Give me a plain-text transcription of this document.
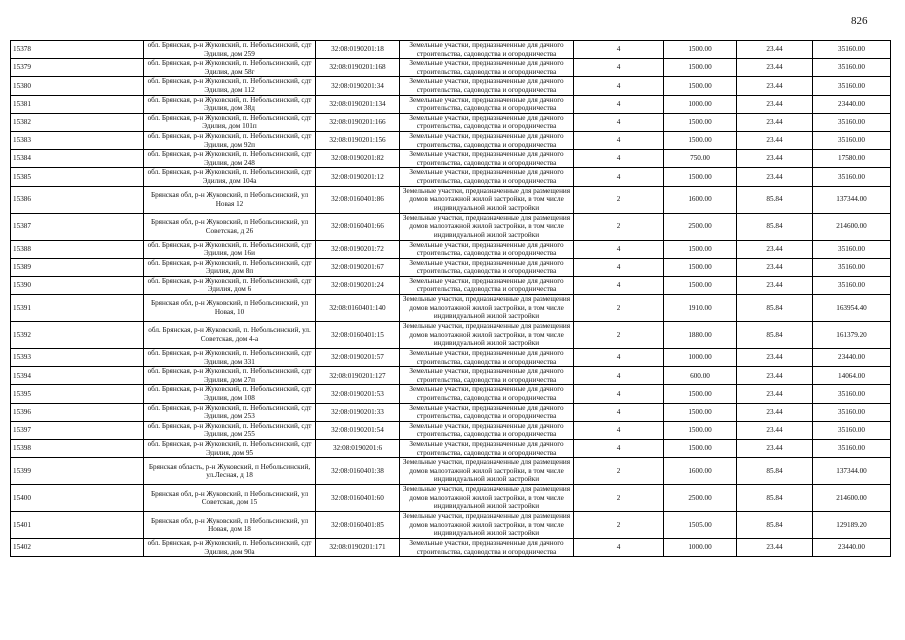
826
15378	обл. Брянская, р-н Жуковский, п. Небольсинский, сдт Эдилия, дом 259	32:08:0190201:18	Земельные участки, предназначенные для дачного строительства, садоводства и огородничества	4	1500.00	23.44	35160.00
15379	обл. Брянская, р-н Жуковский, п. Небольсинский, сдт Эдилия, дом 58г	32:08:0190201:168	Земельные участки, предназначенные для дачного строительства, садоводства и огородничества	4	1500.00	23.44	35160.00
15380	обл. Брянская, р-н Жуковский, п. Небольсинский, сдт Эдилия, дом 112	32:08:0190201:34	Земельные участки, предназначенные для дачного строительства, садоводства и огородничества	4	1500.00	23.44	35160.00
15381	обл. Брянская, р-н Жуковский, п. Небольсинский, сдт Эдилия, дом 38д	32:08:0190201:134	Земельные участки, предназначенные для дачного строительства, садоводства и огородничества	4	1000.00	23.44	23440.00
15382	обл. Брянская, р-н Жуковский, п. Небольсинский, сдт Эдилия, дом 101п	32:08:0190201:166	Земельные участки, предназначенные для дачного строительства, садоводства и огородничества	4	1500.00	23.44	35160.00
15383	обл. Брянская, р-н Жуковский, п. Небольсинский, сдт Эдилия, дом 92п	32:08:0190201:156	Земельные участки, предназначенные для дачного строительства, садоводства и огородничества	4	1500.00	23.44	35160.00
15384	обл. Брянская, р-н Жуковский, п. Небольсинский, сдт Эдилия, дом 248	32:08:0190201:82	Земельные участки, предназначенные для дачного строительства, садоводства и огородничества	4	750.00	23.44	17580.00
15385	обл. Брянская, р-н Жуковский, п. Небольсинский, сдт Эдилия, дом 104а	32:08:0190201:12	Земельные участки, предназначенные для дачного строительства, садоводства и огородничества	4	1500.00	23.44	35160.00
15386	Брянская обл, р-н Жуковский, п Небольсинский, ул Новая 12	32:08:0160401:86	Земельные участки, предназначенные для размещения домов малоэтажной жилой застройки, в том числе индивидуальной жилой застройки	2	1600.00	85.84	137344.00
15387	Брянская обл, р-н Жуковский, п Небольсинский, ул Советская, д 26	32:08:0160401:66	Земельные участки, предназначенные для размещения домов малоэтажной жилой застройки, в том числе индивидуальной жилой застройки	2	2500.00	85.84	214600.00
15388	обл. Брянская, р-н Жуковский, п. Небольсинский, сдт Эдилия, дом 16и	32:08:0190201:72	Земельные участки, предназначенные для дачного строительства, садоводства и огородничества	4	1500.00	23.44	35160.00
15389	обл. Брянская, р-н Жуковский, п. Небольсинский, сдт Эдилия, дом 8п	32:08:0190201:67	Земельные участки, предназначенные для дачного строительства, садоводства и огородничества	4	1500.00	23.44	35160.00
15390	обл. Брянская, р-н Жуковский, п. Небольсинский, сдт Эдилия, дом 6	32:08:0190201:24	Земельные участки, предназначенные для дачного строительства, садоводства и огородничества	4	1500.00	23.44	35160.00
15391	Брянская обл, р-н Жуковский, п Небольсинский, ул Новая, 10	32:08:0160401:140	Земельные участки, предназначенные для размещения домов малоэтажной жилой застройки, в том числе индивидуальной жилой застройки	2	1910.00	85.84	163954.40
15392	обл. Брянская, р-н Жуковский, п. Небольсинский, ул. Советская, дом 4-а	32:08:0160401:15	Земельные участки, предназначенные для размещения домов малоэтажной жилой застройки, в том числе индивидуальной жилой застройки	2	1880.00	85.84	161379.20
15393	обл. Брянская, р-н Жуковский, п. Небольсинский, сдт Эдилия, дом 331	32:08:0190201:57	Земельные участки, предназначенные для дачного строительства, садоводства и огородничества	4	1000.00	23.44	23440.00
15394	обл. Брянская, р-н Жуковский, п. Небольсинский, сдт Эдилия, дом 27п	32:08:0190201:127	Земельные участки, предназначенные для дачного строительства, садоводства и огородничества	4	600.00	23.44	14064.00
15395	обл. Брянская, р-н Жуковский, п. Небольсинский, сдт Эдилия, дом 108	32:08:0190201:53	Земельные участки, предназначенные для дачного строительства, садоводства и огородничества	4	1500.00	23.44	35160.00
15396	обл. Брянская, р-н Жуковский, п. Небольсинский, сдт Эдилия, дом 253	32:08:0190201:33	Земельные участки, предназначенные для дачного строительства, садоводства и огородничества	4	1500.00	23.44	35160.00
15397	обл. Брянская, р-н Жуковский, п. Небольсинский, сдт Эдилия, дом 255	32:08:0190201:54	Земельные участки, предназначенные для дачного строительства, садоводства и огородничества	4	1500.00	23.44	35160.00
15398	обл. Брянская, р-н Жуковский, п. Небольсинский, сдт Эдилия, дом 95	32:08:0190201:6	Земельные участки, предназначенные для дачного строительства, садоводства и огородничества	4	1500.00	23.44	35160.00
15399	Брянская область, р-н Жуковский, п Небольсинский, ул.Лесная, д 18	32:08:0160401:38	Земельные участки, предназначенные для размещения домов малоэтажной жилой застройки, в том числе индивидуальной жилой застройки	2	1600.00	85.84	137344.00
15400	Брянская обл, р-н Жуковский, п Небольсинский, ул Советская, дом 15	32:08:0160401:60	Земельные участки, предназначенные для размещения домов малоэтажной жилой застройки, в том числе индивидуальной жилой застройки	2	2500.00	85.84	214600.00
15401	Брянская обл, р-н Жуковский, п Небольсинский, ул Новая, дом 18	32:08:0160401:85	Земельные участки, предназначенные для размещения домов малоэтажной жилой застройки, в том числе индивидуальной жилой застройки	2	1505.00	85.84	129189.20
15402	обл. Брянская, р-н Жуковский, п. Небольсинский, сдт Эдилия, дом 90а	32:08:0190201:171	Земельные участки, предназначенные для дачного строительства, садоводства и огородничества	4	1000.00	23.44	23440.00
